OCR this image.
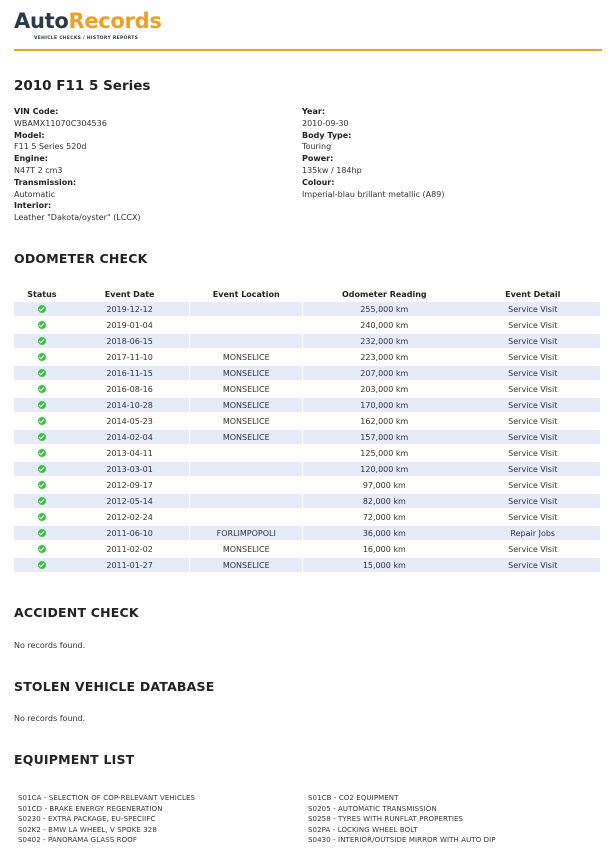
AutoRecords
VEHICLE CHECKS / HISTORY REPORTS
2010 F11 5 Series
VIN Code:
WBAMX11070C304536
Model:
F11 5 Series 520d
Engine:
N47T 2 cm3
Transmission:
Automatic
Interior:
Leather "Dakota/oyster" (LCCX)
Year:
2010-09-30
Body Type:
Touring
Power:
135kw / 184hp
Colour:
Imperial-blau brillant metallic (A89)
ODOMETER CHECK
Status	Event Date	Event Location	Odometer Reading	Event Detail
	2019-12-12		255,000 km	Service Visit
	2019-01-04		240,000 km	Service Visit
	2018-06-15		232,000 km	Service Visit
	2017-11-10	MONSELICE	223,000 km	Service Visit
	2016-11-15	MONSELICE	207,000 km	Service Visit
	2016-08-16	MONSELICE	203,000 km	Service Visit
	2014-10-28	MONSELICE	170,000 km	Service Visit
	2014-05-23	MONSELICE	162,000 km	Service Visit
	2014-02-04	MONSELICE	157,000 km	Service Visit
	2013-04-11		125,000 km	Service Visit
	2013-03-01		120,000 km	Service Visit
	2012-09-17		97,000 km	Service Visit
	2012-05-14		82,000 km	Service Visit
	2012-02-24		72,000 km	Service Visit
	2011-06-10	FORLIMPOPOLI	36,000 km	Repair Jobs
	2011-02-02	MONSELICE	16,000 km	Service Visit
	2011-01-27	MONSELICE	15,000 km	Service Visit
ACCIDENT CHECK
No records found.
STOLEN VEHICLE DATABASE
No records found.
EQUIPMENT LIST
S01CA - SELECTION OF COP-RELEVANT VEHICLES
S01CD - BRAKE ENERGY REGENERATION
S0230 - EXTRA PACKAGE, EU-SPECIIFC
S02K2 - BMW LA WHEEL, V SPOKE 328
S0402 - PANORAMA GLASS ROOF
S01CB - CO2 EQUIPMENT
S0205 - AUTOMATIC TRANSMISSION
S0258 - TYRES WITH RUNFLAT PROPERTIES
S02PA - LOCKING WHEEL BOLT
S0430 - INTERIOR/OUTSIDE MIRROR WITH AUTO DIP
